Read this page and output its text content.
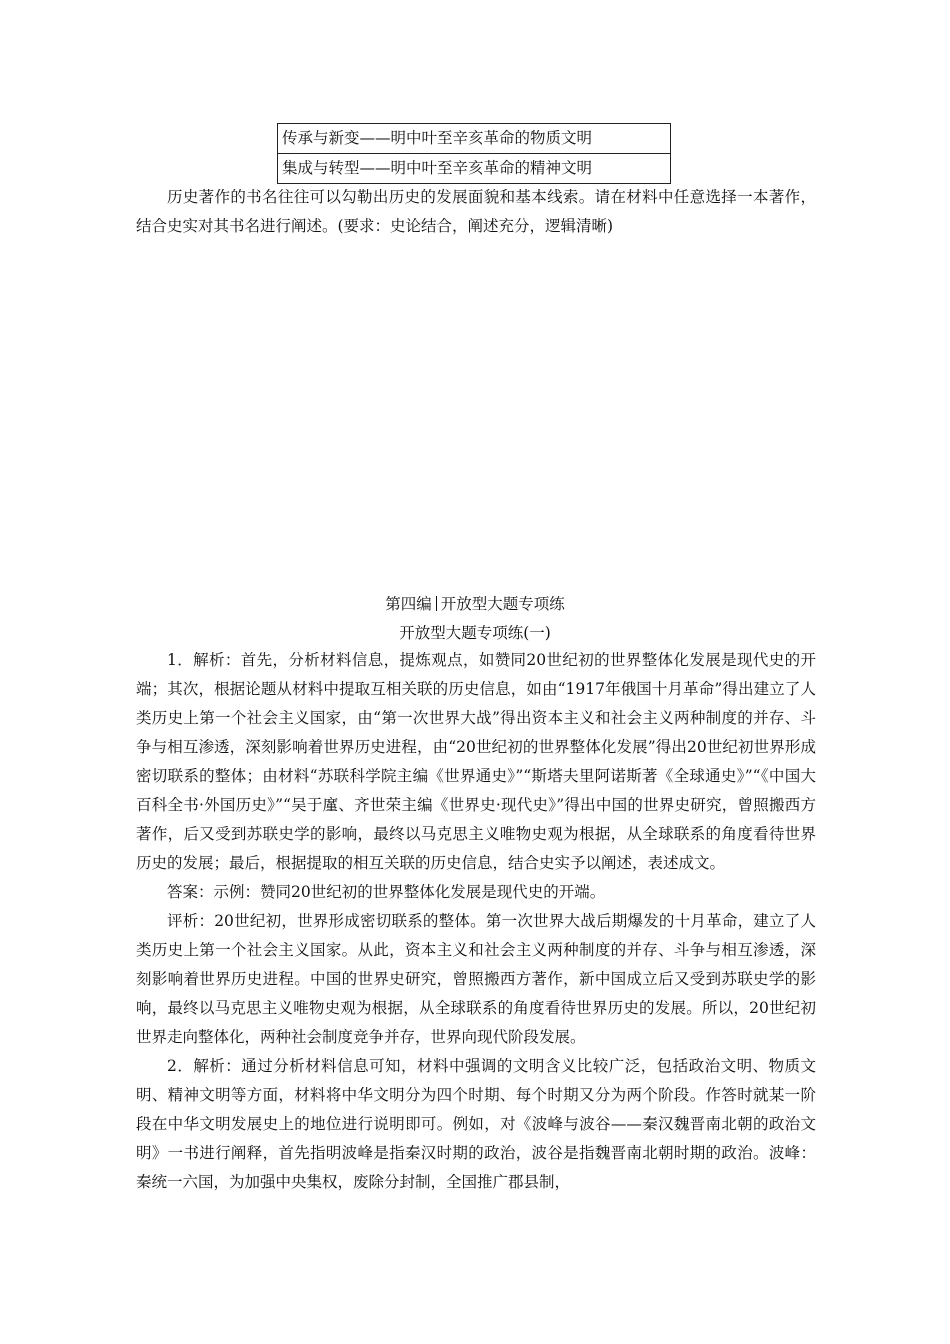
传承与新变——明中叶至辛亥革命的物质文明
集成与转型——明中叶至辛亥革命的精神文明

历史著作的书名往往可以勾勒出历史的发展面貌和基本线索。请在材料中任意选择一本著作，结合史实对其书名进行阐述。(要求：史论结合，阐述充分，逻辑清晰)

第四编 开放型大题专项练
开放型大题专项练(一)

1．解析：首先，分析材料信息，提炼观点，如赞同20世纪初的世界整体化发展是现代史的开端；其次，根据论题从材料中提取互相关联的历史信息，如由“1917年俄国十月革命”得出建立了人类历史上第一个社会主义国家，由“第一次世界大战”得出资本主义和社会主义两种制度的并存、斗争与相互渗透，深刻影响着世界历史进程，由“20世纪初的世界整体化发展”得出20世纪初世界形成密切联系的整体；由材料“苏联科学院主编《世界通史》”“斯塔夫里阿诺斯著《全球通史》”“《中国大百科全书·外国历史》”“吴于廑、齐世荣主编《世界史·现代史》”得出中国的世界史研究，曾照搬西方著作，后又受到苏联史学的影响，最终以马克思主义唯物史观为根据，从全球联系的角度看待世界历史的发展；最后，根据提取的相互关联的历史信息，结合史实予以阐述，表述成文。

答案：示例：赞同20世纪初的世界整体化发展是现代史的开端。

评析：20世纪初，世界形成密切联系的整体。第一次世界大战后期爆发的十月革命，建立了人类历史上第一个社会主义国家。从此，资本主义和社会主义两种制度的并存、斗争与相互渗透，深刻影响着世界历史进程。中国的世界史研究，曾照搬西方著作，新中国成立后又受到苏联史学的影响，最终以马克思主义唯物史观为根据，从全球联系的角度看待世界历史的发展。所以，20世纪初世界走向整体化，两种社会制度竞争并存，世界向现代阶段发展。

2．解析：通过分析材料信息可知，材料中强调的文明含义比较广泛，包括政治文明、物质文明、精神文明等方面，材料将中华文明分为四个时期、每个时期又分为两个阶段。作答时就某一阶段在中华文明发展史上的地位进行说明即可。例如，对《波峰与波谷——秦汉魏晋南北朝的政治文明》一书进行阐释，首先指明波峰是指秦汉时期的政治，波谷是指魏晋南北朝时期的政治。波峰：秦统一六国，为加强中央集权，废除分封制，全国推广郡县制，
